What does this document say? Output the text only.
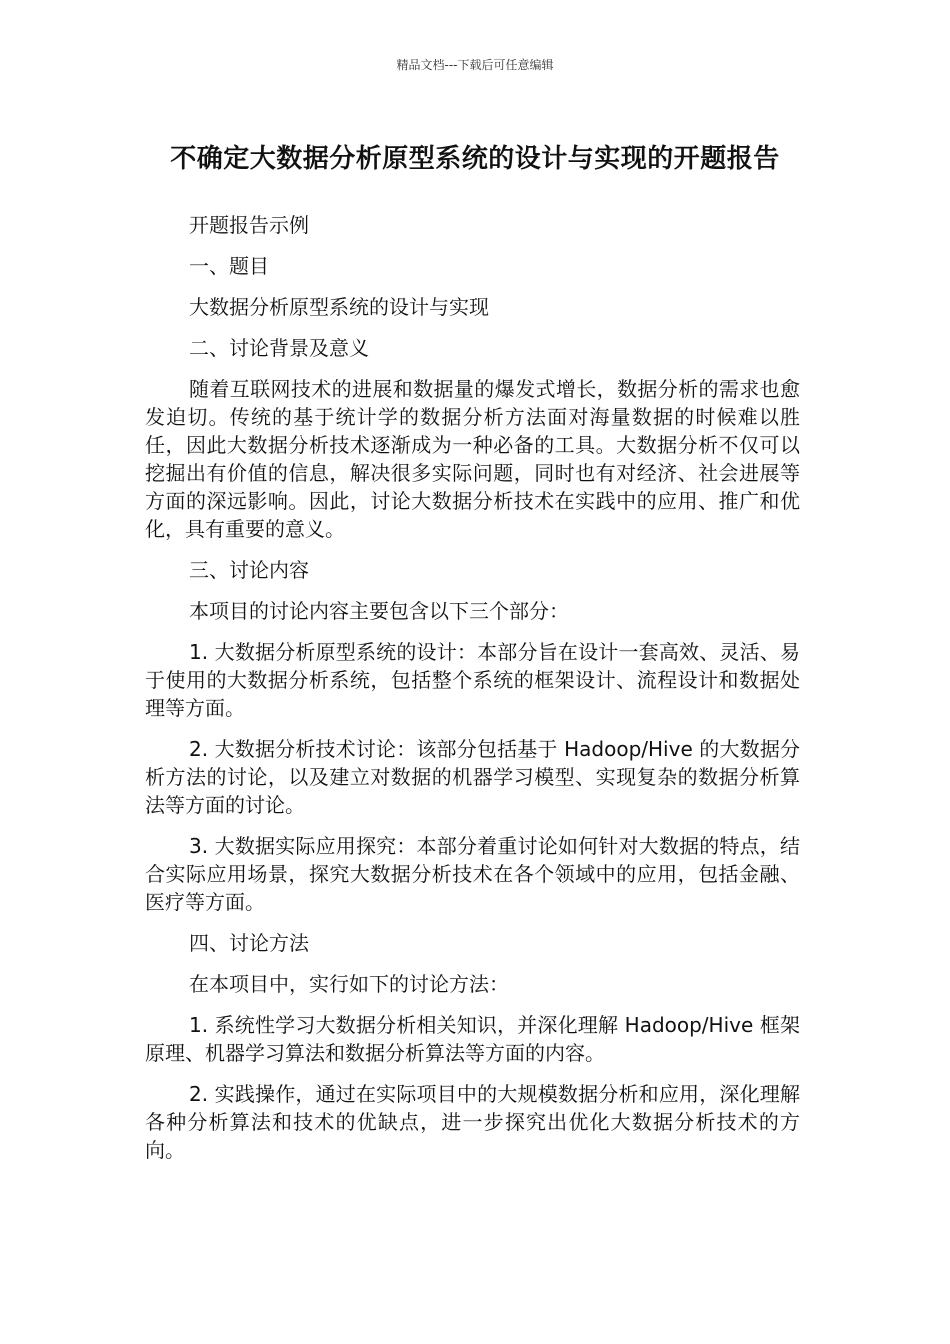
精品文档---下载后可任意编辑
不确定大数据分析原型系统的设计与实现的开题报告

开题报告示例

一、题目

大数据分析原型系统的设计与实现

二、讨论背景及意义

随着互联网技术的进展和数据量的爆发式增长，数据分析的需求也愈发迫切。传统的基于统计学的数据分析方法面对海量数据的时候难以胜任，因此大数据分析技术逐渐成为一种必备的工具。大数据分析不仅可以挖掘出有价值的信息，解决很多实际问题，同时也有对经济、社会进展等方面的深远影响。因此，讨论大数据分析技术在实践中的应用、推广和优化，具有重要的意义。

三、讨论内容

本项目的讨论内容主要包含以下三个部分：

1. 大数据分析原型系统的设计：本部分旨在设计一套高效、灵活、易于使用的大数据分析系统，包括整个系统的框架设计、流程设计和数据处理等方面。

2. 大数据分析技术讨论：该部分包括基于 Hadoop/Hive 的大数据分析方法的讨论，以及建立对数据的机器学习模型、实现复杂的数据分析算法等方面的讨论。

3. 大数据实际应用探究：本部分着重讨论如何针对大数据的特点，结合实际应用场景，探究大数据分析技术在各个领域中的应用，包括金融、医疗等方面。

四、讨论方法

在本项目中，实行如下的讨论方法：

1. 系统性学习大数据分析相关知识，并深化理解 Hadoop/Hive 框架原理、机器学习算法和数据分析算法等方面的内容。

2. 实践操作，通过在实际项目中的大规模数据分析和应用，深化理解各种分析算法和技术的优缺点，进一步探究出优化大数据分析技术的方向。
